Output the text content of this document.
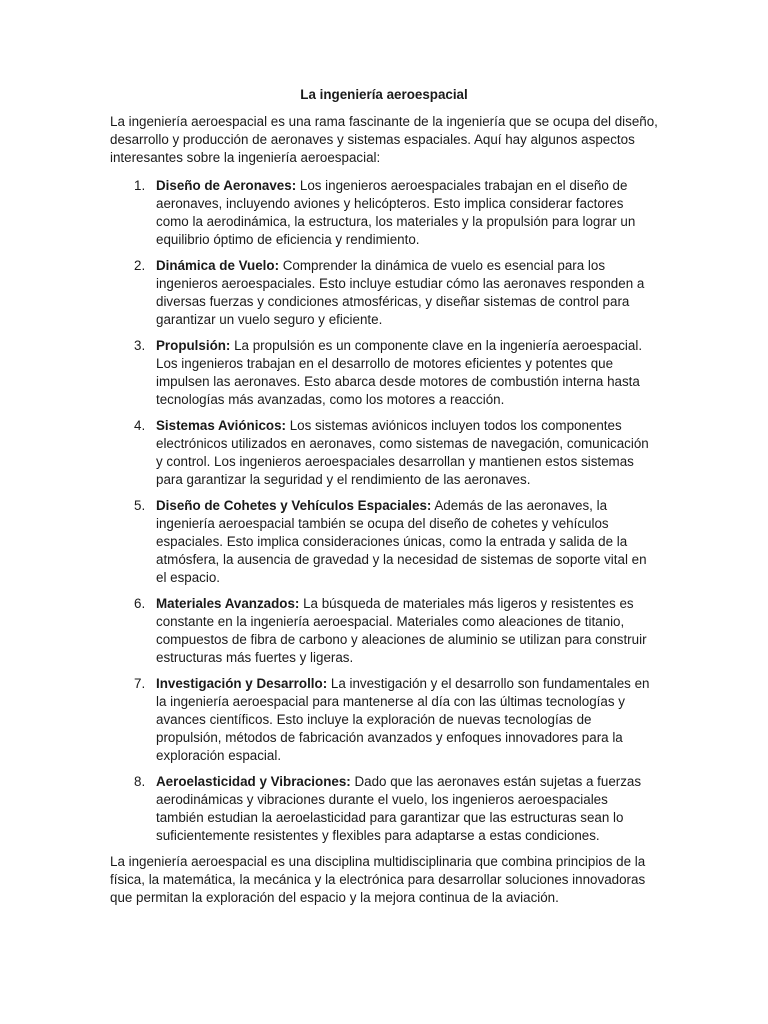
La ingeniería aeroespacial

La ingeniería aeroespacial es una rama fascinante de la ingeniería que se ocupa del diseño, desarrollo y producción de aeronaves y sistemas espaciales. Aquí hay algunos aspectos interesantes sobre la ingeniería aeroespacial:

1. Diseño de Aeronaves: Los ingenieros aeroespaciales trabajan en el diseño de aeronaves, incluyendo aviones y helicópteros. Esto implica considerar factores como la aerodinámica, la estructura, los materiales y la propulsión para lograr un equilibrio óptimo de eficiencia y rendimiento.
2. Dinámica de Vuelo: Comprender la dinámica de vuelo es esencial para los ingenieros aeroespaciales. Esto incluye estudiar cómo las aeronaves responden a diversas fuerzas y condiciones atmosféricas, y diseñar sistemas de control para garantizar un vuelo seguro y eficiente.
3. Propulsión: La propulsión es un componente clave en la ingeniería aeroespacial. Los ingenieros trabajan en el desarrollo de motores eficientes y potentes que impulsen las aeronaves. Esto abarca desde motores de combustión interna hasta tecnologías más avanzadas, como los motores a reacción.
4. Sistemas Aviónicos: Los sistemas aviónicos incluyen todos los componentes electrónicos utilizados en aeronaves, como sistemas de navegación, comunicación y control. Los ingenieros aeroespaciales desarrollan y mantienen estos sistemas para garantizar la seguridad y el rendimiento de las aeronaves.
5. Diseño de Cohetes y Vehículos Espaciales: Además de las aeronaves, la ingeniería aeroespacial también se ocupa del diseño de cohetes y vehículos espaciales. Esto implica consideraciones únicas, como la entrada y salida de la atmósfera, la ausencia de gravedad y la necesidad de sistemas de soporte vital en el espacio.
6. Materiales Avanzados: La búsqueda de materiales más ligeros y resistentes es constante en la ingeniería aeroespacial. Materiales como aleaciones de titanio, compuestos de fibra de carbono y aleaciones de aluminio se utilizan para construir estructuras más fuertes y ligeras.
7. Investigación y Desarrollo: La investigación y el desarrollo son fundamentales en la ingeniería aeroespacial para mantenerse al día con las últimas tecnologías y avances científicos. Esto incluye la exploración de nuevas tecnologías de propulsión, métodos de fabricación avanzados y enfoques innovadores para la exploración espacial.
8. Aeroelasticidad y Vibraciones: Dado que las aeronaves están sujetas a fuerzas aerodinámicas y vibraciones durante el vuelo, los ingenieros aeroespaciales también estudian la aeroelasticidad para garantizar que las estructuras sean lo suficientemente resistentes y flexibles para adaptarse a estas condiciones.

La ingeniería aeroespacial es una disciplina multidisciplinaria que combina principios de la física, la matemática, la mecánica y la electrónica para desarrollar soluciones innovadoras que permitan la exploración del espacio y la mejora continua de la aviación.
